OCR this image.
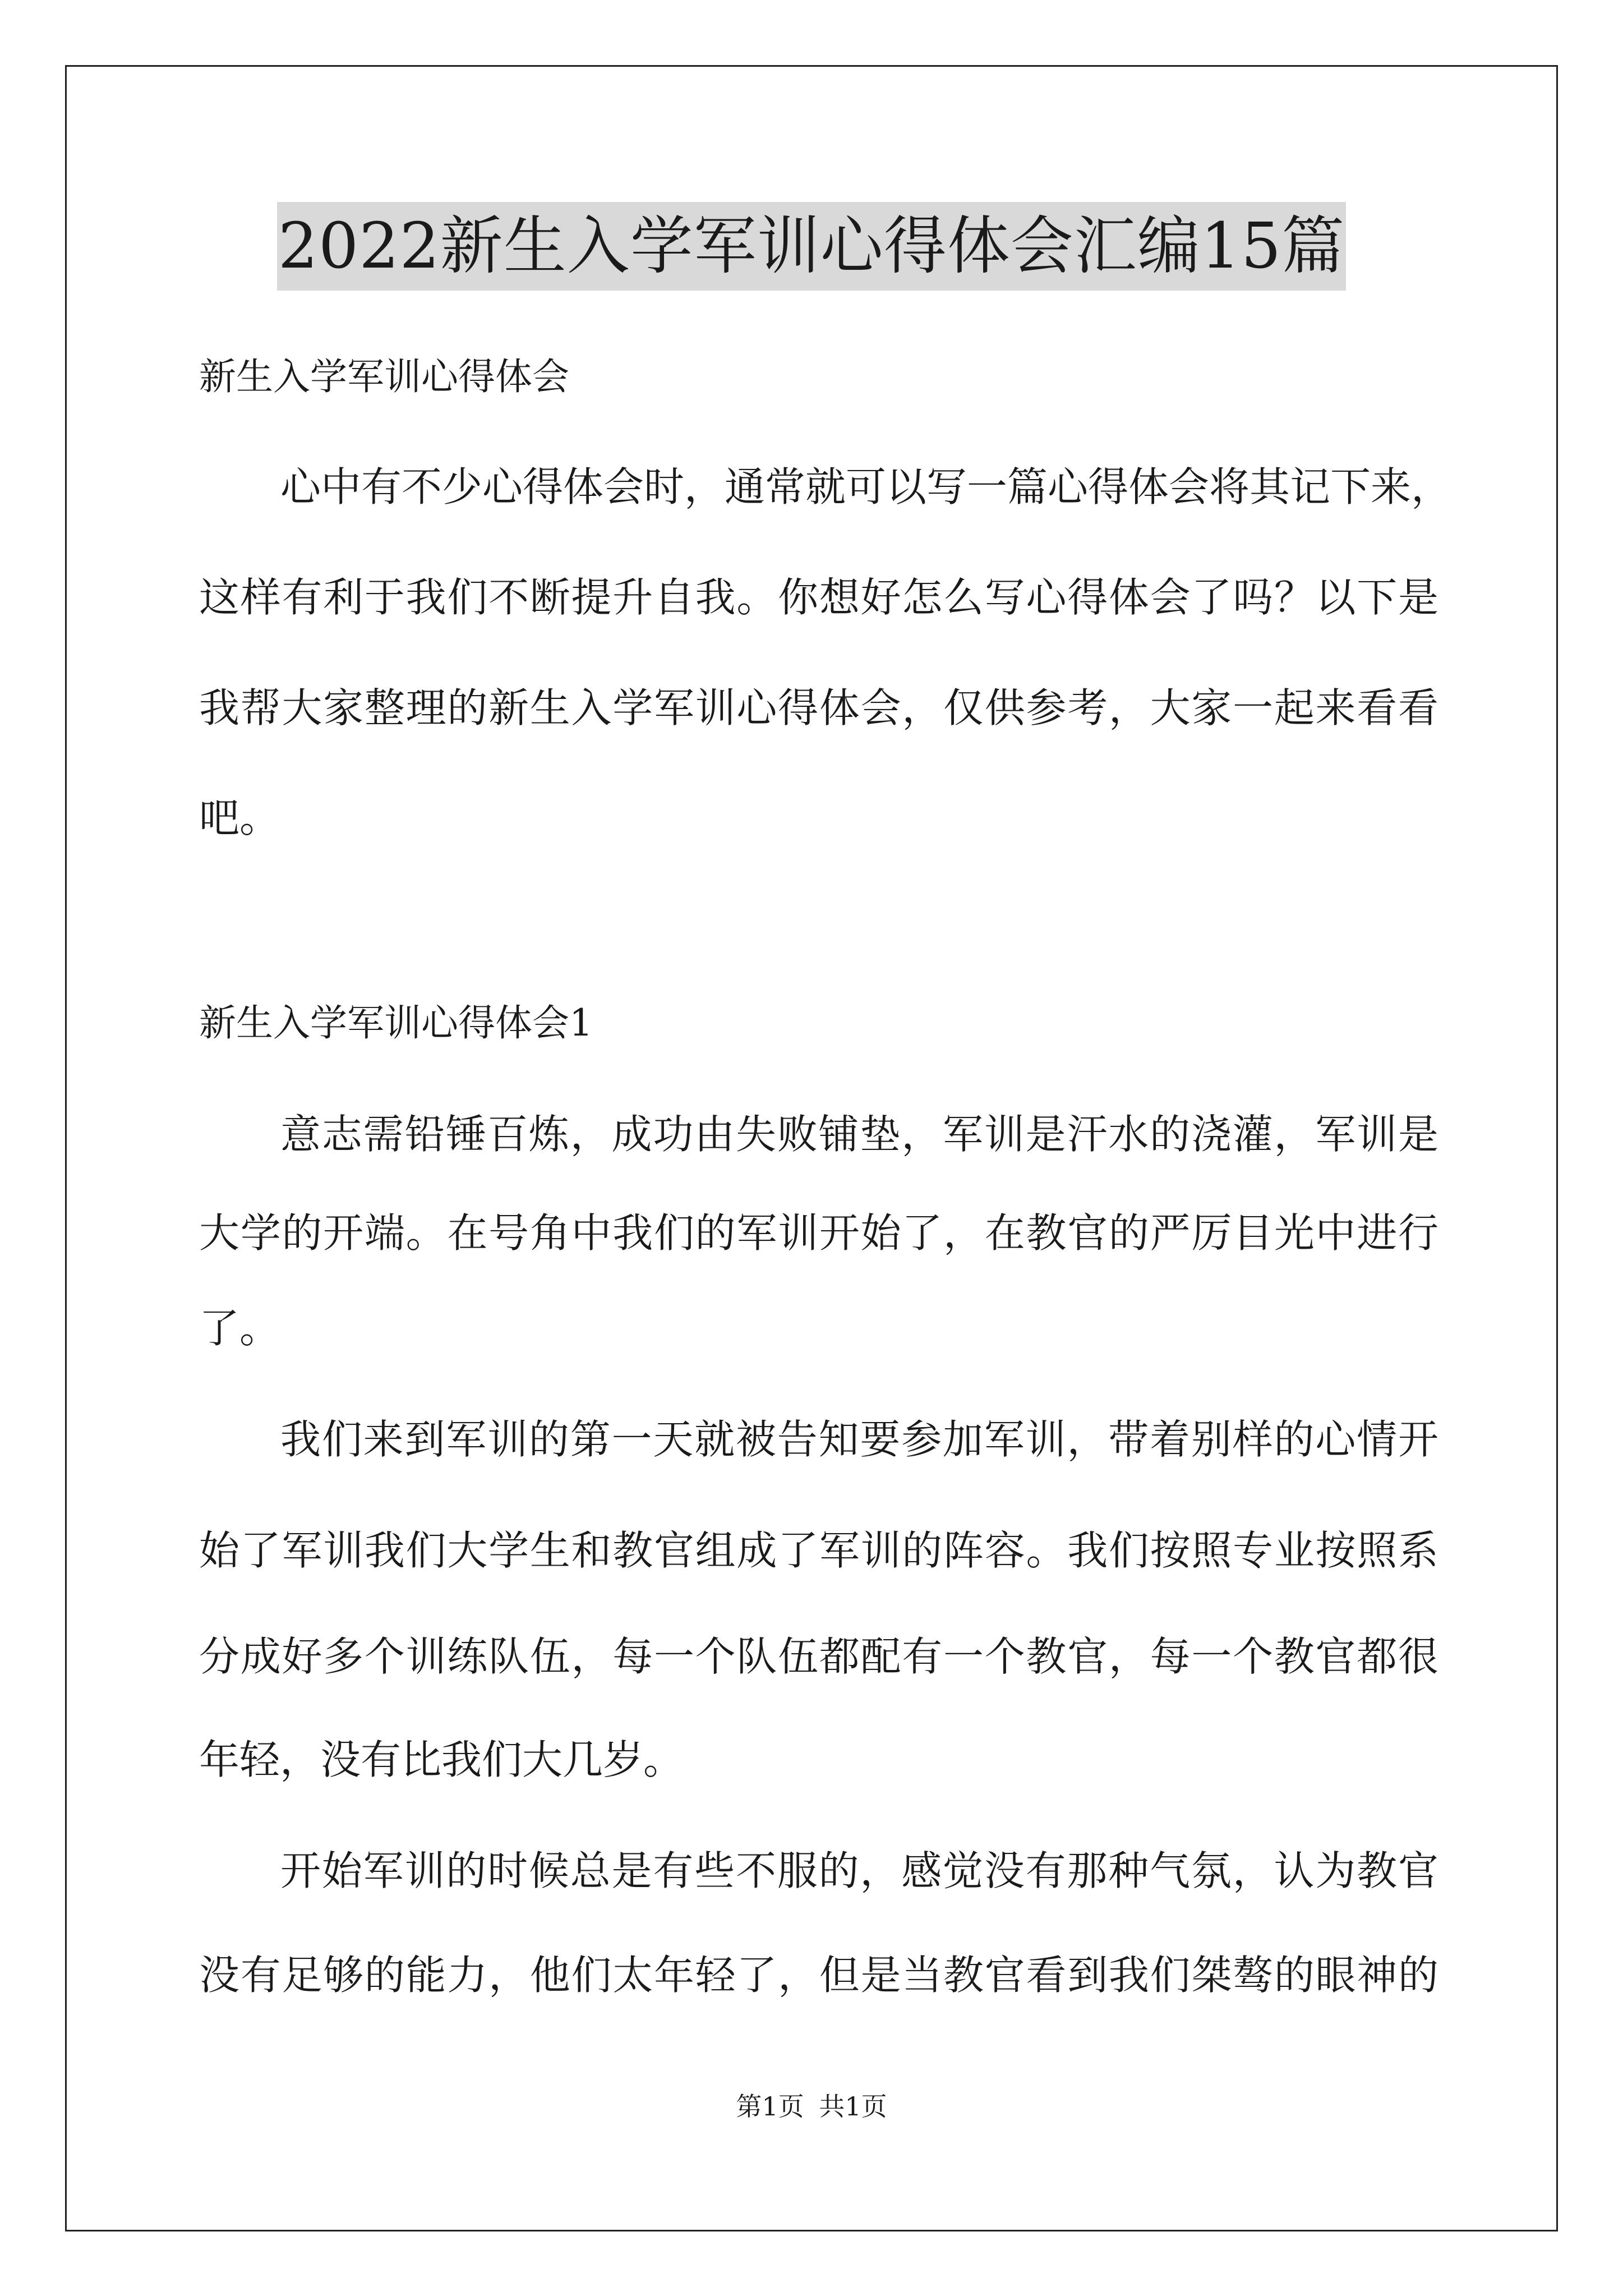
2022新生入学军训心得体会汇编15篇
新生入学军训心得体会
心中有不少心得体会时，通常就可以写一篇心得体会将其记下来，
这样有利于我们不断提升自我。你想好怎么写心得体会了吗？以下是
我帮大家整理的新生入学军训心得体会，仅供参考，大家一起来看看
吧。
新生入学军训心得体会1
意志需铅锤百炼，成功由失败铺垫，军训是汗水的浇灌，军训是
大学的开端。在号角中我们的军训开始了，在教官的严厉目光中进行
了。
我们来到军训的第一天就被告知要参加军训，带着别样的心情开
始了军训我们大学生和教官组成了军训的阵容。我们按照专业按照系
分成好多个训练队伍，每一个队伍都配有一个教官，每一个教官都很
年轻，没有比我们大几岁。
开始军训的时候总是有些不服的，感觉没有那种气氛，认为教官
没有足够的能力，他们太年轻了，但是当教官看到我们桀骜的眼神的
第1页 共1页
